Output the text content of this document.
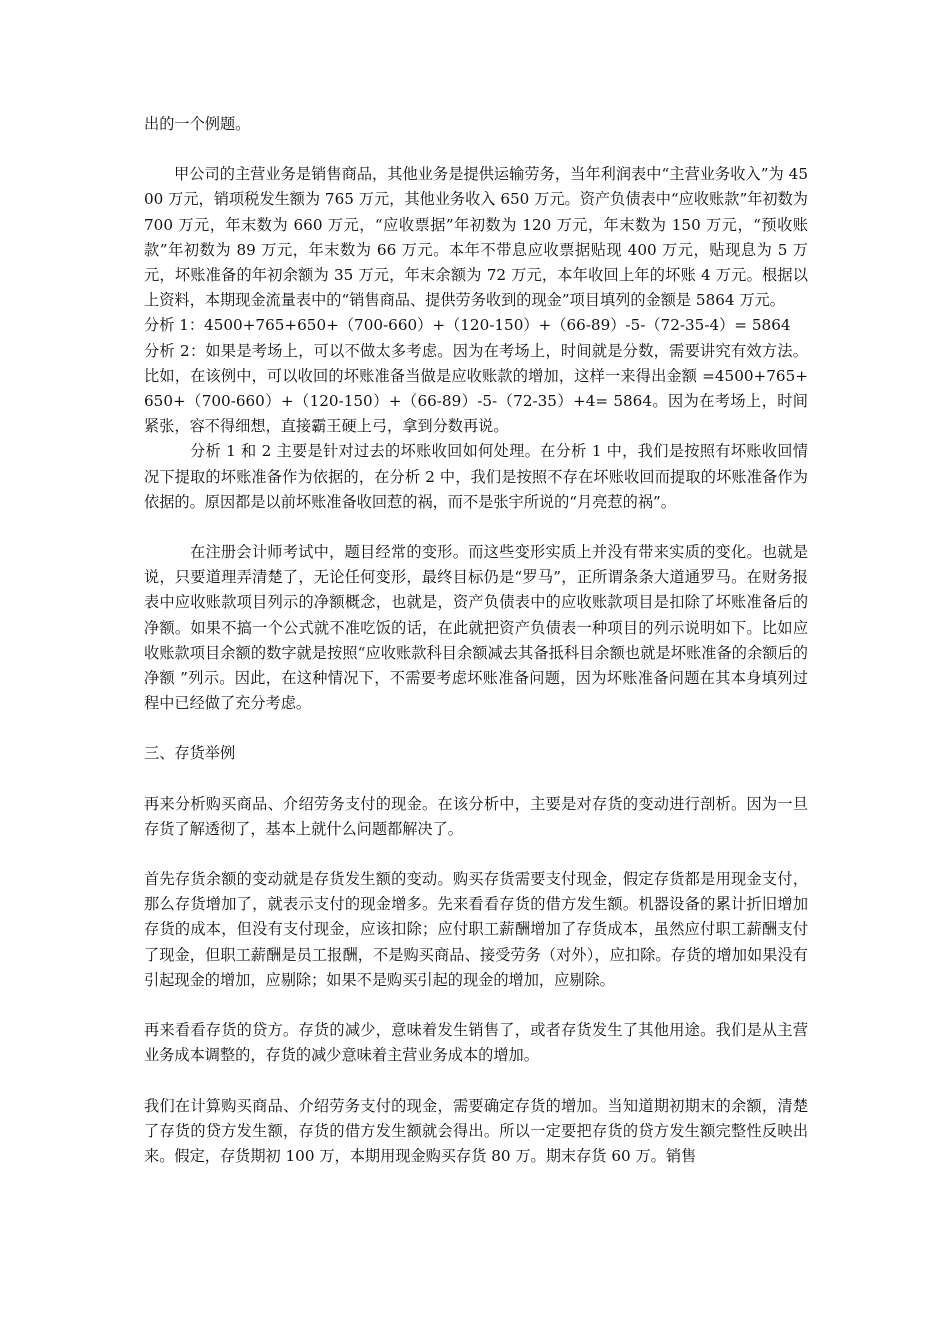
出的一个例题。

甲公司的主营业务是销售商品，其他业务是提供运输劳务，当年利润表中“主营业务收入”为 4500 万元，销项税发生额为 765 万元，其他业务收入 650 万元。资产负债表中“应收账款”年初数为 700 万元，年末数为 660 万元，“应收票据”年初数为 120 万元，年末数为 150 万元，“预收账款”年初数为 89 万元，年末数为 66 万元。本年不带息应收票据贴现 400 万元，贴现息为 5 万元，坏账准备的年初余额为 35 万元，年末余额为 72 万元，本年收回上年的坏账 4 万元。根据以上资料，本期现金流量表中的“销售商品、提供劳务收到的现金”项目填列的金额是 5864 万元。

分析 1：4500+765+650+（700-660）+（120-150）+（66-89）-5-（72-35-4）= 5864

分析 2：如果是考场上，可以不做太多考虑。因为在考场上，时间就是分数，需要讲究有效方法。比如，在该例中，可以收回的坏账准备当做是应收账款的增加，这样一来得出金额 =4500+765+650+（700-660）+（120-150）+（66-89）-5-（72-35）+4= 5864。因为在考场上，时间紧张，容不得细想，直接霸王硬上弓，拿到分数再说。

分析 1 和 2 主要是针对过去的坏账收回如何处理。在分析 1 中，我们是按照有坏账收回情况下提取的坏账准备作为依据的，在分析 2 中，我们是按照不存在坏账收回而提取的坏账准备作为依据的。原因都是以前坏账准备收回惹的祸，而不是张宇所说的“月亮惹的祸”。

在注册会计师考试中，题目经常的变形。而这些变形实质上并没有带来实质的变化。也就是说，只要道理弄清楚了，无论任何变形，最终目标仍是“罗马”，正所谓条条大道通罗马。在财务报表中应收账款项目列示的净额概念，也就是，资产负债表中的应收账款项目是扣除了坏账准备后的净额。如果不搞一个公式就不准吃饭的话，在此就把资产负债表一种项目的列示说明如下。比如应收账款项目余额的数字就是按照“应收账款科目余额减去其备抵科目余额也就是坏账准备的余额后的净额 ”列示。因此，在这种情况下，不需要考虑坏账准备问题，因为坏账准备问题在其本身填列过程中已经做了充分考虑。

三、存货举例

再来分析购买商品、介绍劳务支付的现金。在该分析中，主要是对存货的变动进行剖析。因为一旦存货了解透彻了，基本上就什么问题都解决了。

首先存货余额的变动就是存货发生额的变动。购买存货需要支付现金，假定存货都是用现金支付，那么存货增加了，就表示支付的现金增多。先来看看存货的借方发生额。机器设备的累计折旧增加存货的成本，但没有支付现金，应该扣除；应付职工薪酬增加了存货成本，虽然应付职工薪酬支付了现金，但职工薪酬是员工报酬，不是购买商品、接受劳务（对外），应扣除。存货的增加如果没有引起现金的增加，应剔除；如果不是购买引起的现金的增加，应剔除。

再来看看存货的贷方。存货的减少，意味着发生销售了，或者存货发生了其他用途。我们是从主营业务成本调整的，存货的减少意味着主营业务成本的增加。

我们在计算购买商品、介绍劳务支付的现金，需要确定存货的增加。当知道期初期末的余额，清楚了存货的贷方发生额，存货的借方发生额就会得出。所以一定要把存货的贷方发生额完整性反映出来。假定，存货期初 100 万，本期用现金购买存货 80 万。期末存货 60 万。销售
